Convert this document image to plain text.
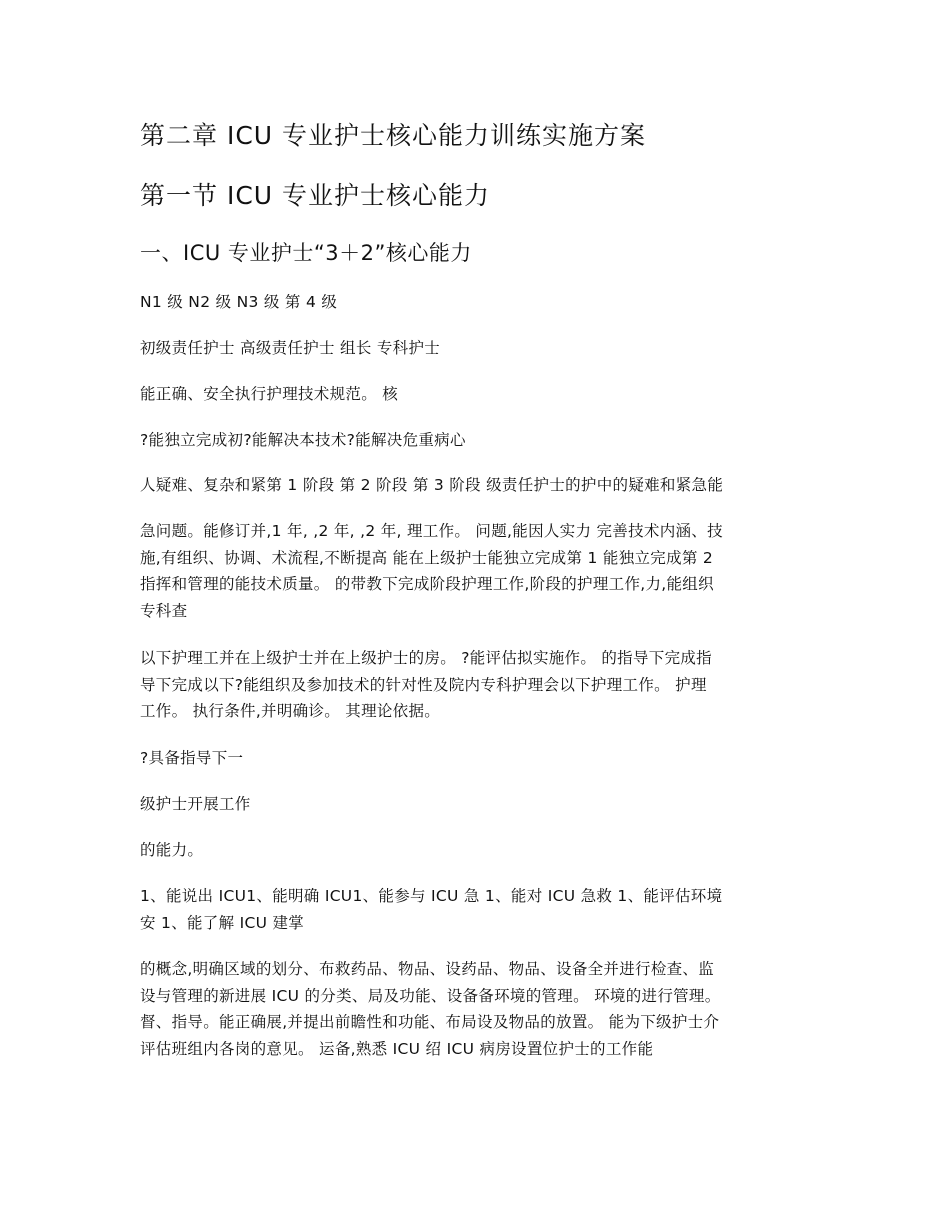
第二章 ICU 专业护士核心能力训练实施方案
第一节 ICU 专业护士核心能力
一、ICU 专业护士“3＋2”核心能力

N1 级 N2 级 N3 级 第 4 级

初级责任护士 高级责任护士 组长 专科护士

能正确、安全执行护理技术规范。 核

?能独立完成初?能解决本技术?能解决危重病心

人疑难、复杂和紧第 1 阶段 第 2 阶段 第 3 阶段 级责任护士的护中的疑难和紧急能

急问题。能修订并,1 年, ,2 年, ,2 年, 理工作。 问题,能因人实力 完善技术内涵、技
施,有组织、协调、术流程,不断提高 能在上级护士能独立完成第 1 能独立完成第 2
指挥和管理的能技术质量。 的带教下完成阶段护理工作,阶段的护理工作,力,能组织
专科查

以下护理工并在上级护士并在上级护士的房。 ?能评估拟实施作。 的指导下完成指
导下完成以下?能组织及参加技术的针对性及院内专科护理会以下护理工作。 护理
工作。 执行条件,并明确诊。 其理论依据。

?具备指导下一

级护士开展工作

的能力。

1、能说出 ICU1、能明确 ICU1、能参与 ICU 急 1、能对 ICU 急救 1、能评估环境
安 1、能了解 ICU 建掌

的概念,明确区域的划分、布救药品、物品、设药品、物品、设备全并进行检查、监
设与管理的新进展 ICU 的分类、局及功能、设备备环境的管理。 环境的进行管理。
督、指导。能正确展,并提出前瞻性和功能、布局设及物品的放置。 能为下级护士介
评估班组内各岗的意见。 运备,熟悉 ICU 绍 ICU 病房设置位护士的工作能
